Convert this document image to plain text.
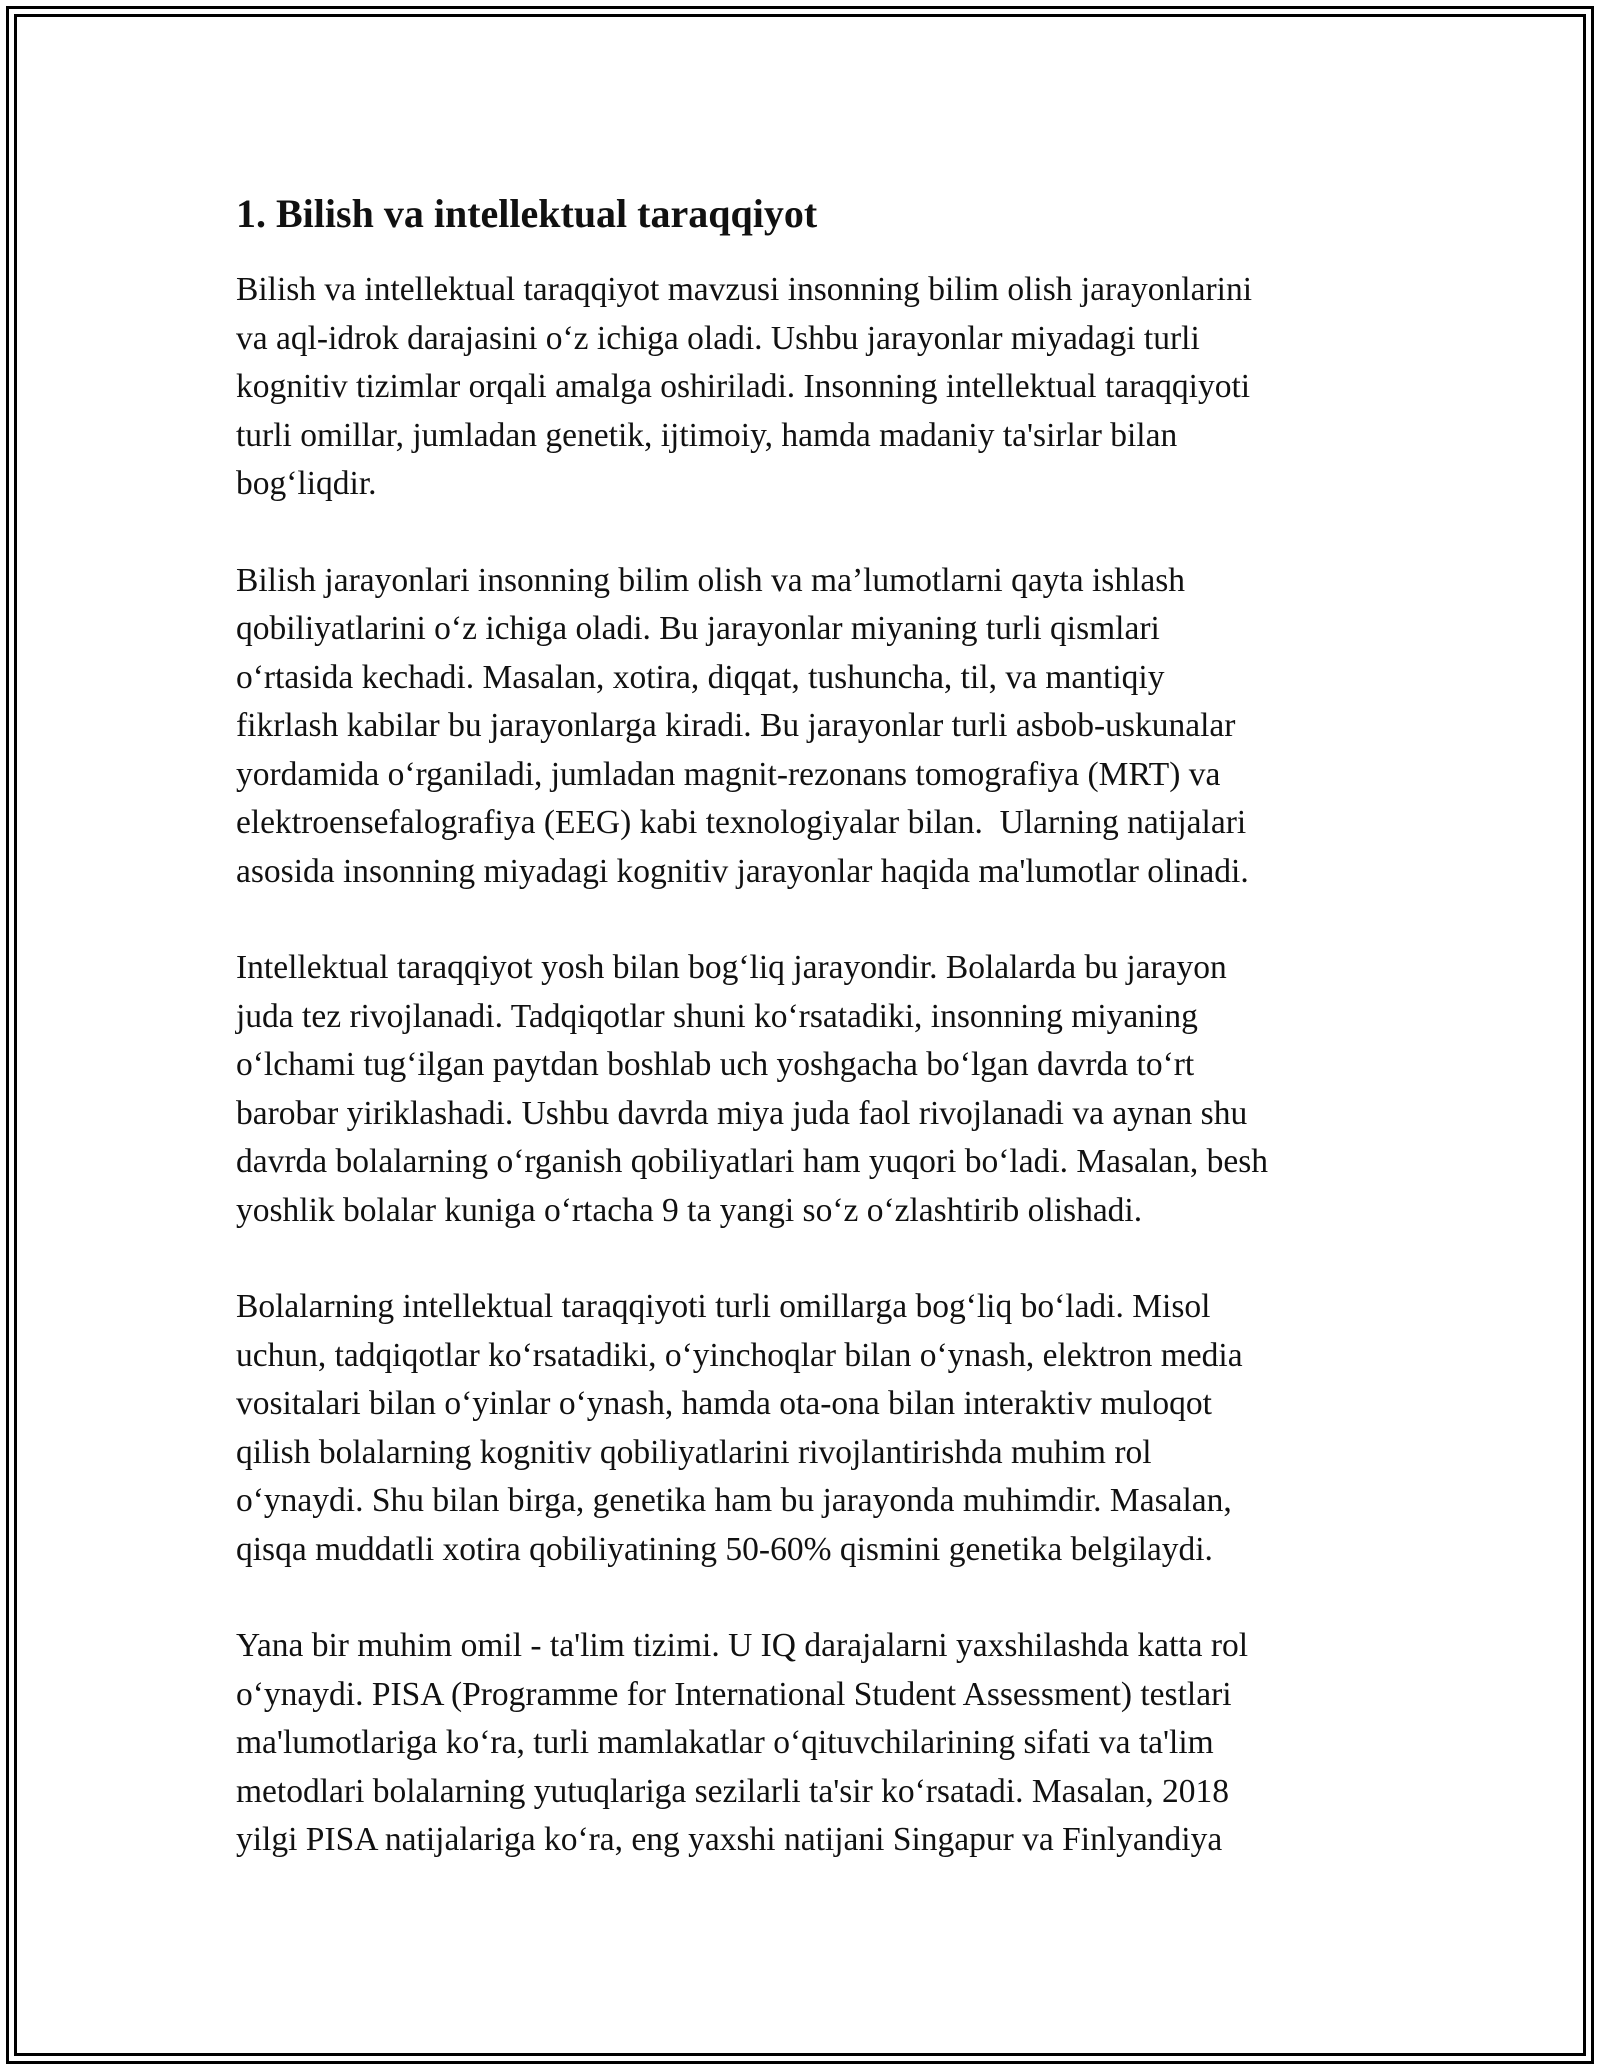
1. Bilish va intellektual taraqqiyot

Bilish va intellektual taraqqiyot mavzusi insonning bilim olish jarayonlarini
va aql-idrok darajasini o‘z ichiga oladi. Ushbu jarayonlar miyadagi turli
kognitiv tizimlar orqali amalga oshiriladi. Insonning intellektual taraqqiyoti
turli omillar, jumladan genetik, ijtimoiy, hamda madaniy ta'sirlar bilan
bog‘liqdir.

Bilish jarayonlari insonning bilim olish va ma’lumotlarni qayta ishlash
qobiliyatlarini o‘z ichiga oladi. Bu jarayonlar miyaning turli qismlari
o‘rtasida kechadi. Masalan, xotira, diqqat, tushuncha, til, va mantiqiy
fikrlash kabilar bu jarayonlarga kiradi. Bu jarayonlar turli asbob-uskunalar
yordamida o‘rganiladi, jumladan magnit-rezonans tomografiya (MRT) va
elektroensefalografiya (EEG) kabi texnologiyalar bilan.  Ularning natijalari
asosida insonning miyadagi kognitiv jarayonlar haqida ma'lumotlar olinadi.

Intellektual taraqqiyot yosh bilan bog‘liq jarayondir. Bolalarda bu jarayon
juda tez rivojlanadi. Tadqiqotlar shuni ko‘rsatadiki, insonning miyaning
o‘lchami tug‘ilgan paytdan boshlab uch yoshgacha bo‘lgan davrda to‘rt
barobar yiriklashadi. Ushbu davrda miya juda faol rivojlanadi va aynan shu
davrda bolalarning o‘rganish qobiliyatlari ham yuqori bo‘ladi. Masalan, besh
yoshlik bolalar kuniga o‘rtacha 9 ta yangi so‘z o‘zlashtirib olishadi.

Bolalarning intellektual taraqqiyoti turli omillarga bog‘liq bo‘ladi. Misol
uchun, tadqiqotlar ko‘rsatadiki, o‘yinchoqlar bilan o‘ynash, elektron media
vositalari bilan o‘yinlar o‘ynash, hamda ota-ona bilan interaktiv muloqot
qilish bolalarning kognitiv qobiliyatlarini rivojlantirishda muhim rol
o‘ynaydi. Shu bilan birga, genetika ham bu jarayonda muhimdir. Masalan,
qisqa muddatli xotira qobiliyatining 50-60% qismini genetika belgilaydi.

Yana bir muhim omil - ta'lim tizimi. U IQ darajalarni yaxshilashda katta rol
o‘ynaydi. PISA (Programme for International Student Assessment) testlari
ma'lumotlariga ko‘ra, turli mamlakatlar o‘qituvchilarining sifati va ta'lim
metodlari bolalarning yutuqlariga sezilarli ta'sir ko‘rsatadi. Masalan, 2018
yilgi PISA natijalariga ko‘ra, eng yaxshi natijani Singapur va Finlyandiya
